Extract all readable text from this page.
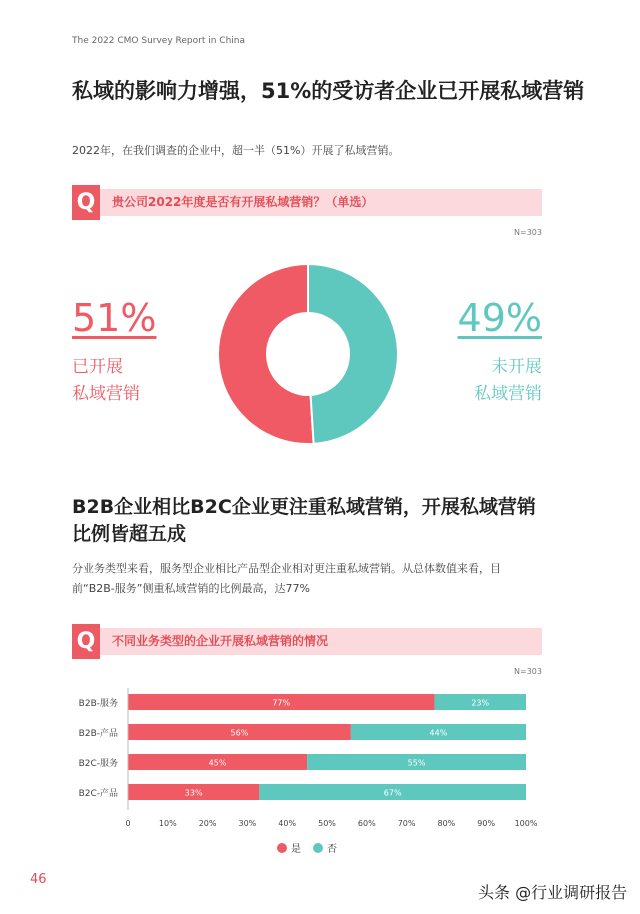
The 2022 CMO Survey Report in China
私域的影响力增强，51%的受访者企业已开展私域营销
2022年，在我们调查的企业中，超一半（51%）开展了私域营销。
Q	贵公司2022年度是否有开展私域营销？（单选）
N=303
51%
已开展
私域营销
49%
未开展
私域营销
B2B企业相比B2C企业更注重私域营销，开展私域营销
比例皆超五成
分业务类型来看，服务型企业相比产品型企业相对更注重私域营销。从总体数值来看，目前“B2B-服务”侧重私域营销的比例最高，达77%
Q	不同业务类型的企业开展私域营销的情况
N=303
B2B-服务	77%	23%
B2B-产品	56%	44%
B2C-服务	45%	55%
B2C-产品	33%	67%
0	10%	20%	30%	40%	50%	60%	70%	80%	90% 100%
是	否
46
头条 @行业调研报告
